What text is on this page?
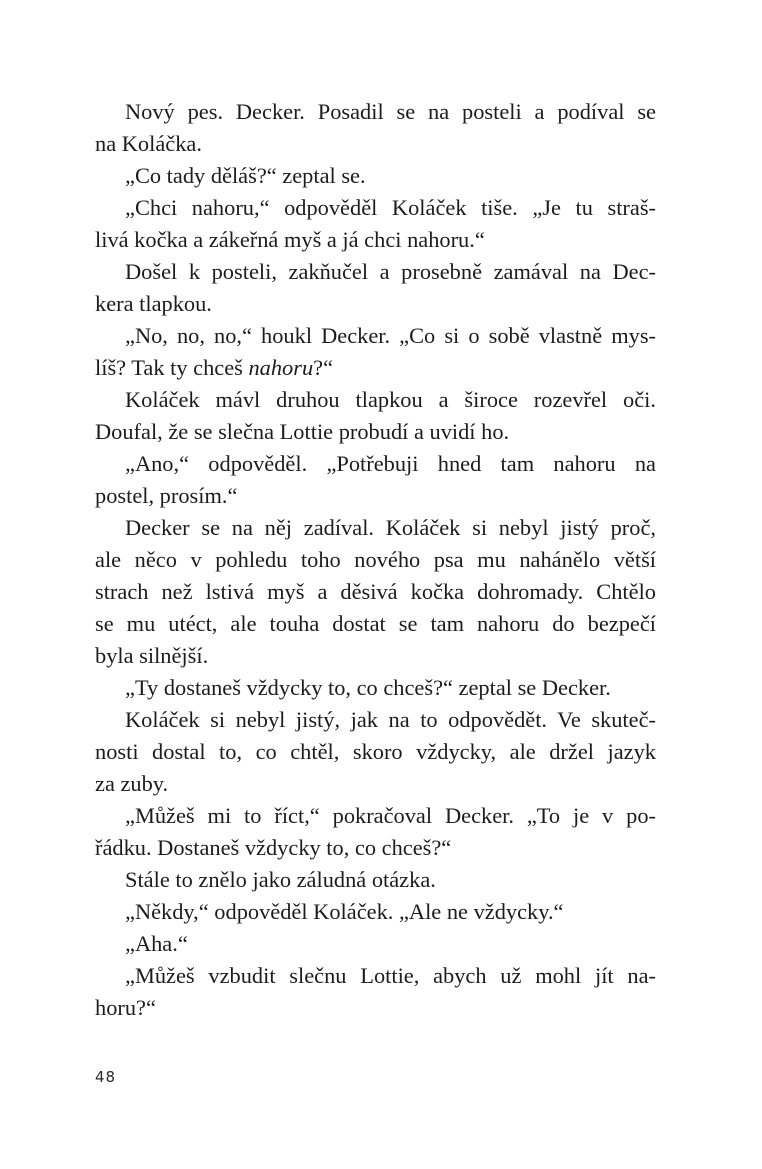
Nový pes. Decker. Posadil se na posteli a podíval se
na Koláčka.
„Co tady děláš?“ zeptal se.
„Chci nahoru,“ odpověděl Koláček tiše. „Je tu straš-
livá kočka a zákeřná myš a já chci nahoru.“
Došel k posteli, zakňučel a prosebně zamával na Dec-
kera tlapkou.
„No, no, no,“ houkl Decker. „Co si o sobě vlastně mys-
líš? Tak ty chceš nahoru?“
Koláček mávl druhou tlapkou a široce rozevřel oči.
Doufal, že se slečna Lottie probudí a uvidí ho.
„Ano,“ odpověděl. „Potřebuji hned tam nahoru na
postel, prosím.“
Decker se na něj zadíval. Koláček si nebyl jistý proč,
ale něco v pohledu toho nového psa mu nahánělo větší
strach než lstivá myš a děsivá kočka dohromady. Chtělo
se mu utéct, ale touha dostat se tam nahoru do bezpečí
byla silnější.
„Ty dostaneš vždycky to, co chceš?“ zeptal se Decker.
Koláček si nebyl jistý, jak na to odpovědět. Ve skuteč-
nosti dostal to, co chtěl, skoro vždycky, ale držel jazyk
za zuby.
„Můžeš mi to říct,“ pokračoval Decker. „To je v po-
řádku. Dostaneš vždycky to, co chceš?“
Stále to znělo jako záludná otázka.
„Někdy,“ odpověděl Koláček. „Ale ne vždycky.“
„Aha.“
„Můžeš vzbudit slečnu Lottie, abych už mohl jít na-
horu?“
48
